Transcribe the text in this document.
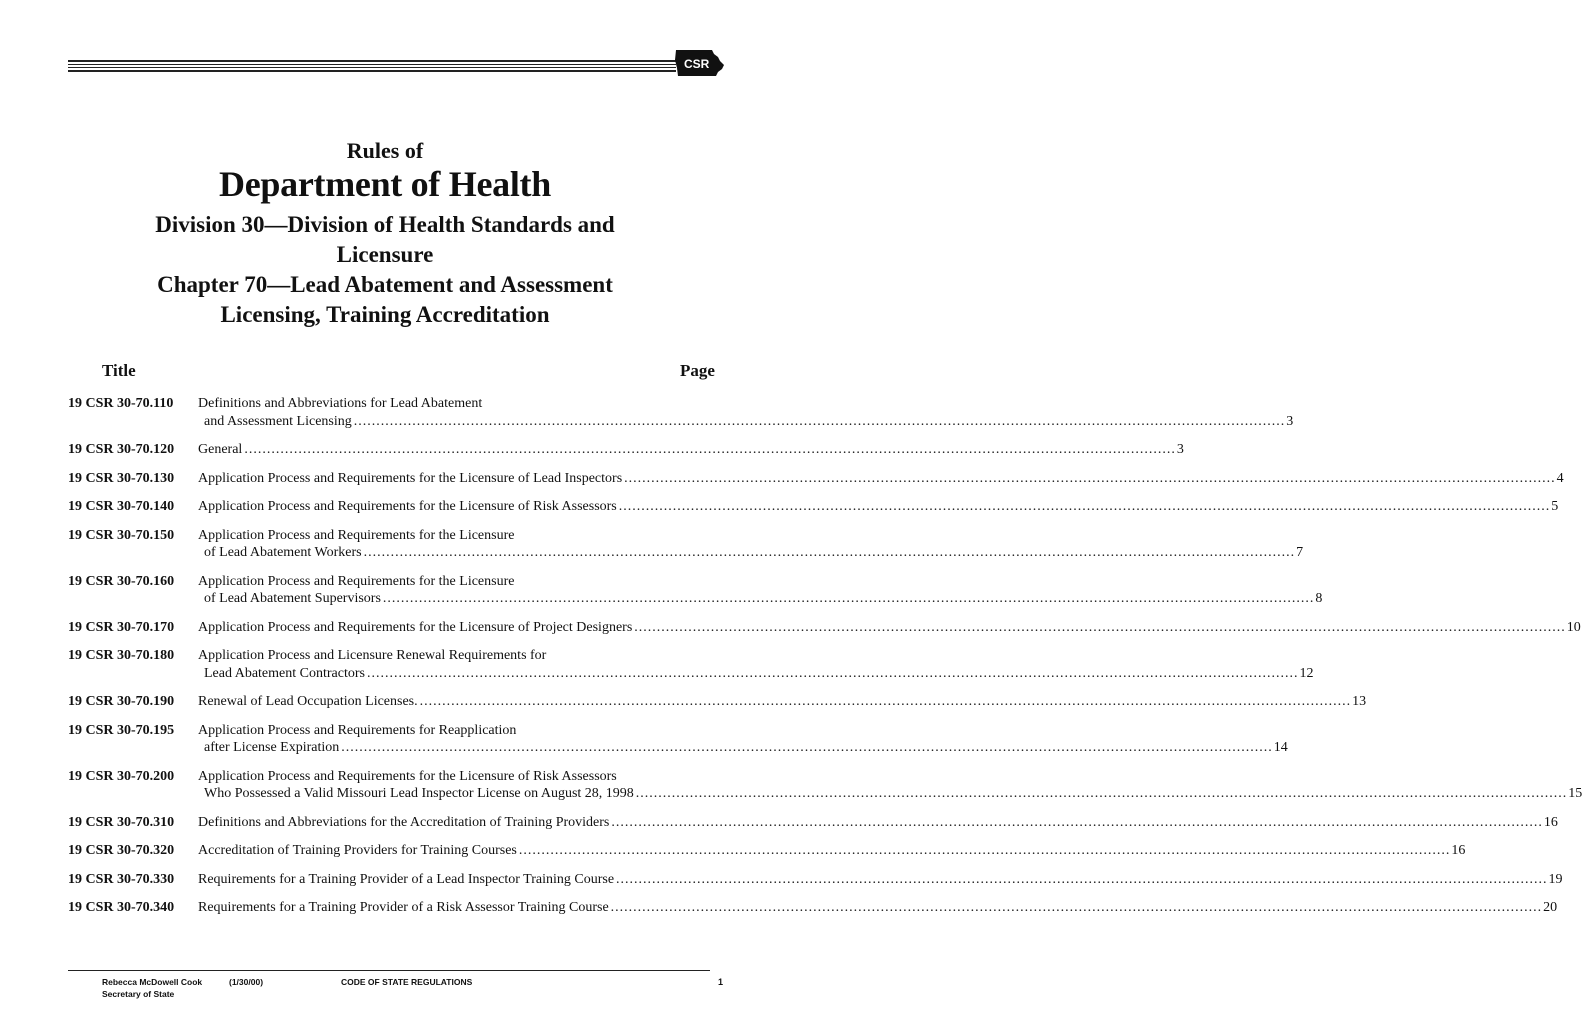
CSR
Rules of
Department of Health
Division 30—Division of Health Standards and
Licensure
Chapter 70—Lead Abatement and Assessment
Licensing, Training Accreditation
Title	Page
19 CSR 30-70.110	Definitions and Abbreviations for Lead Abatement
and Assessment Licensing .....	3
19 CSR 30-70.120	General .....	3
19 CSR 30-70.130	Application Process and Requirements for the Licensure of Lead Inspectors .....	4
19 CSR 30-70.140	Application Process and Requirements for the Licensure of Risk Assessors .....	5
19 CSR 30-70.150	Application Process and Requirements for the Licensure
of Lead Abatement Workers .....	7
19 CSR 30-70.160	Application Process and Requirements for the Licensure
of Lead Abatement Supervisors .....	8
19 CSR 30-70.170	Application Process and Requirements for the Licensure of Project Designers .....	10
19 CSR 30-70.180	Application Process and Licensure Renewal Requirements for
Lead Abatement Contractors .....	12
19 CSR 30-70.190	Renewal of Lead Occupation Licenses. .....	13
19 CSR 30-70.195	Application Process and Requirements for Reapplication
after License Expiration .....	14
19 CSR 30-70.200	Application Process and Requirements for the Licensure of Risk Assessors
Who Possessed a Valid Missouri Lead Inspector License on August 28, 1998 .....	15
19 CSR 30-70.310	Definitions and Abbreviations for the Accreditation of Training Providers .....	16
19 CSR 30-70.320	Accreditation of Training Providers for Training Courses .....	16
19 CSR 30-70.330	Requirements for a Training Provider of a Lead Inspector Training Course .....	19
19 CSR 30-70.340	Requirements for a Training Provider of a Risk Assessor Training Course .....	20
Rebecca McDowell Cook	(1/30/00)
Secretary of State
CODE OF STATE REGULATIONS	1
